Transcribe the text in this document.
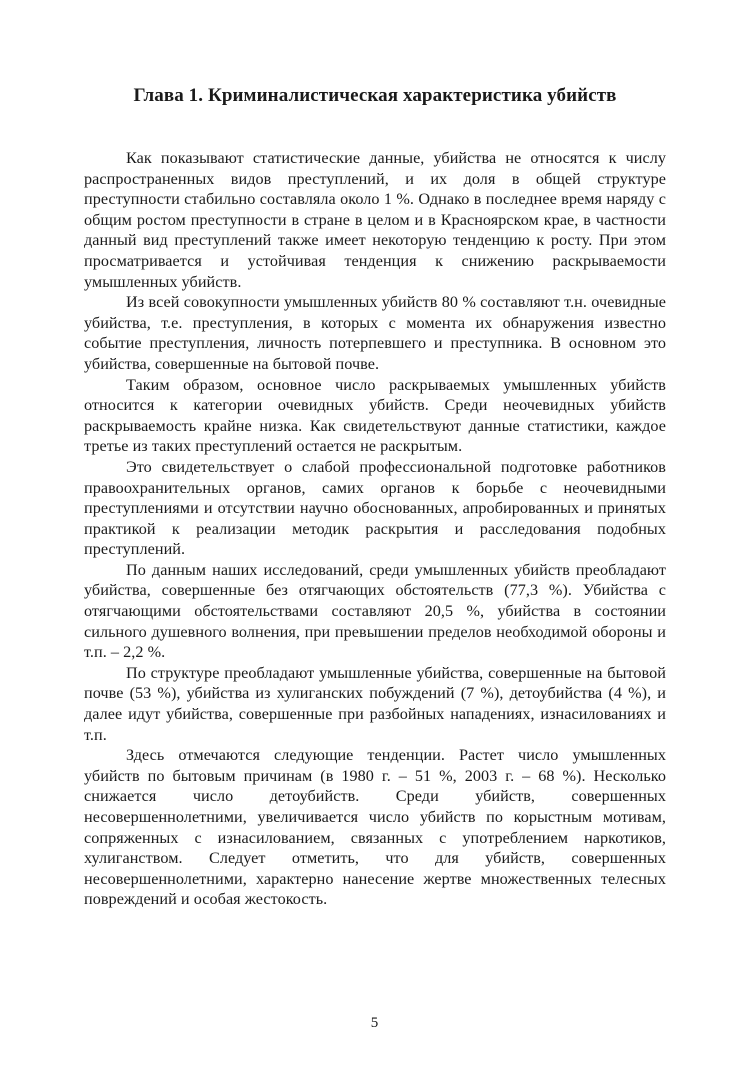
Глава 1. Криминалистическая характеристика убийств

Как показывают статистические данные, убийства не относятся к числу распространенных видов преступлений, и их доля в общей структуре преступности стабильно составляла около 1 %. Однако в последнее время наряду с общим ростом преступности в стране в целом и в Красноярском крае, в частности данный вид преступлений также имеет некоторую тенденцию к росту. При этом просматривается и устойчивая тенденция к снижению раскрываемости умышленных убийств.

Из всей совокупности умышленных убийств 80 % составляют т.н. очевидные убийства, т.е. преступления, в которых с момента их обнаружения известно событие преступления, личность потерпевшего и преступника. В основном это убийства, совершенные на бытовой почве.

Таким образом, основное число раскрываемых умышленных убийств относится к категории очевидных убийств. Среди неочевидных убийств раскрываемость крайне низка. Как свидетельствуют данные статистики, каждое третье из таких преступлений остается не раскрытым.

Это свидетельствует о слабой профессиональной подготовке работников правоохранительных органов, самих органов к борьбе с неочевидными преступлениями и отсутствии научно обоснованных, апробированных и принятых практикой к реализации методик раскрытия и расследования подобных преступлений.

По данным наших исследований, среди умышленных убийств преобладают убийства, совершенные без отягчающих обстоятельств (77,3 %). Убийства с отягчающими обстоятельствами составляют 20,5 %, убийства в состоянии сильного душевного волнения, при превышении пределов необходимой обороны и т.п. – 2,2 %.

По структуре преобладают умышленные убийства, совершенные на бытовой почве (53 %), убийства из хулиганских побуждений (7 %), детоубийства (4 %), и далее идут убийства, совершенные при разбойных нападениях, изнасилованиях и т.п.

Здесь отмечаются следующие тенденции. Растет число умышленных убийств по бытовым причинам (в 1980 г. – 51 %, 2003 г. – 68 %). Несколько снижается число детоубийств. Среди убийств, совершенных несовершеннолетними, увеличивается число убийств по корыстным мотивам, сопряженных с изнасилованием, связанных с употреблением наркотиков, хулиганством. Следует отметить, что для убийств, совершенных несовершеннолетними, характерно нанесение жертве множественных телесных повреждений и особая жестокость.

5
